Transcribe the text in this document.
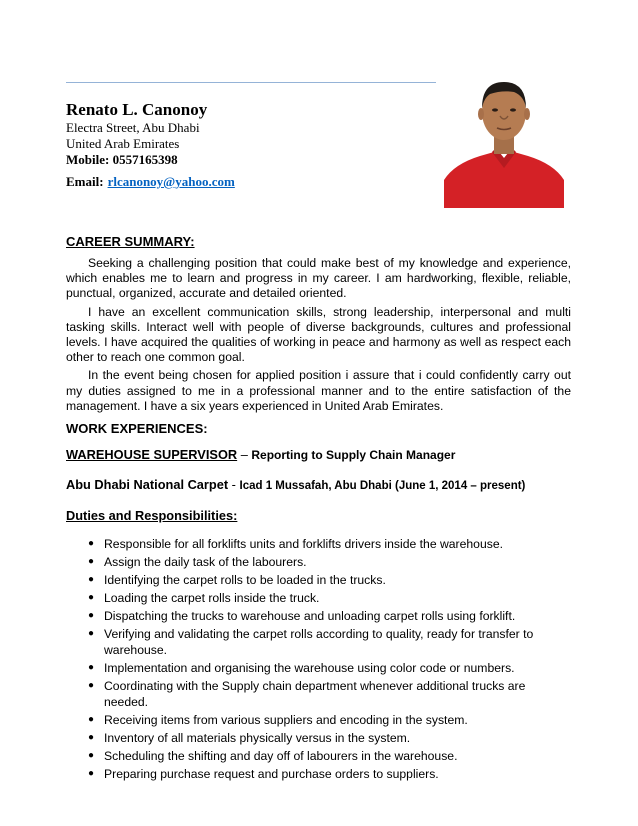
Renato L. Canonoy

Electra Street, Abu Dhabi
United Arab Emirates
Mobile: 0557165398
Email: rlcanonoy@yahoo.com

CAREER SUMMARY:

Seeking a challenging position that could make best of my knowledge and experience, which enables me to learn and progress in my career. I am hardworking, flexible, reliable, punctual, organized, accurate and detailed oriented.

I have an excellent communication skills, strong leadership, interpersonal and multi tasking skills. Interact well with people of diverse backgrounds, cultures and professional levels. I have acquired the qualities of working in peace and harmony as well as respect each other to reach one common goal.

In the event being chosen for applied position i assure that i could confidently carry out my duties assigned to me in a professional manner and to the entire satisfaction of the management. I have a six years experienced in United Arab Emirates.

WORK EXPERIENCES:

WAREHOUSE SUPERVISOR – Reporting to Supply Chain Manager

Abu Dhabi National Carpet - Icad 1 Mussafah, Abu Dhabi (June 1, 2014 – present)

Duties and Responsibilities:

● Responsible for all forklifts units and forklifts drivers inside the warehouse.
● Assign the daily task of the labourers.
● Identifying the carpet rolls to be loaded in the trucks.
● Loading the carpet rolls inside the truck.
● Dispatching the trucks to warehouse and unloading carpet rolls using forklift.
● Verifying and validating the carpet rolls according to quality, ready for transfer to warehouse.
● Implementation and organising the warehouse using color code or numbers.
● Coordinating with the Supply chain department whenever additional trucks are needed.
● Receiving items from various suppliers and encoding in the system.
● Inventory of all materials physically versus in the system.
● Scheduling the shifting and day off of labourers in the warehouse.
● Preparing purchase request and purchase orders to suppliers.
